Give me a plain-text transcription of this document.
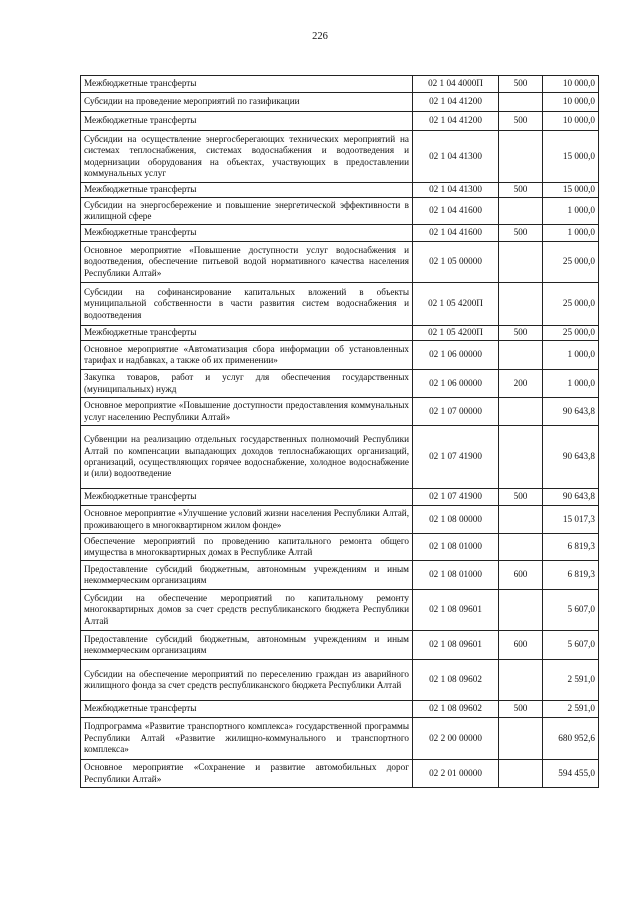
226
Межбюджетные трансферты	02 1 04 4000П	500	10 000,0
Субсидии на проведение мероприятий по газификации	02 1 04 41200		10 000,0
Межбюджетные трансферты	02 1 04 41200	500	10 000,0
Субсидии на осуществление энергосберегающих технических мероприятий на системах теплоснабжения, системах водоснабжения и водоотведения и модернизации оборудования на объектах, участвующих в предоставлении коммунальных услуг	02 1 04 41300		15 000,0
Межбюджетные трансферты	02 1 04 41300	500	15 000,0
Субсидии на энергосбережение и повышение энергетической эффективности в жилищной сфере	02 1 04 41600		1 000,0
Межбюджетные трансферты	02 1 04 41600	500	1 000,0
Основное мероприятие «Повышение доступности услуг водоснабжения и водоотведения, обеспечение питьевой водой нормативного качества населения Республики Алтай»	02 1 05 00000		25 000,0
Субсидии на софинансирование капитальных вложений в объекты муниципальной собственности в части развития систем водоснабжения и водоотведения	02 1 05 4200П		25 000,0
Межбюджетные трансферты	02 1 05 4200П	500	25 000,0
Основное мероприятие «Автоматизация сбора информации об установленных тарифах и надбавках, а также об их применении»	02 1 06 00000		1 000,0
Закупка товаров, работ и услуг для обеспечения государственных (муниципальных) нужд	02 1 06 00000	200	1 000,0
Основное мероприятие «Повышение доступности предоставления коммунальных услуг населению Республики Алтай»	02 1 07 00000		90 643,8
Субвенции на реализацию отдельных государственных полномочий Республики Алтай по компенсации выпадающих доходов теплоснабжающих организаций, организаций, осуществляющих горячее водоснабжение, холодное водоснабжение и (или) водоотведение	02 1 07 41900		90 643,8
Межбюджетные трансферты	02 1 07 41900	500	90 643,8
Основное мероприятие «Улучшение условий жизни населения Республики Алтай, проживающего в многоквартирном жилом фонде»	02 1 08 00000		15 017,3
Обеспечение мероприятий по проведению капитального ремонта общего имущества в многоквартирных домах в Республике Алтай	02 1 08 01000		6 819,3
Предоставление субсидий бюджетным, автономным учреждениям и иным некоммерческим организациям	02 1 08 01000	600	6 819,3
Субсидии на обеспечение мероприятий по капитальному ремонту многоквартирных домов за счет средств республиканского бюджета Республики Алтай	02 1 08 09601		5 607,0
Предоставление субсидий бюджетным, автономным учреждениям и иным некоммерческим организациям	02 1 08 09601	600	5 607,0
Субсидии на обеспечение мероприятий по переселению граждан из аварийного жилищного фонда за счет средств республиканского бюджета Республики Алтай	02 1 08 09602		2 591,0
Межбюджетные трансферты	02 1 08 09602	500	2 591,0
Подпрограмма «Развитие транспортного комплекса» государственной программы Республики Алтай «Развитие жилищно-коммунального и транспортного комплекса»	02 2 00 00000		680 952,6
Основное мероприятие «Сохранение и развитие автомобильных дорог Республики Алтай»	02 2 01 00000		594 455,0
